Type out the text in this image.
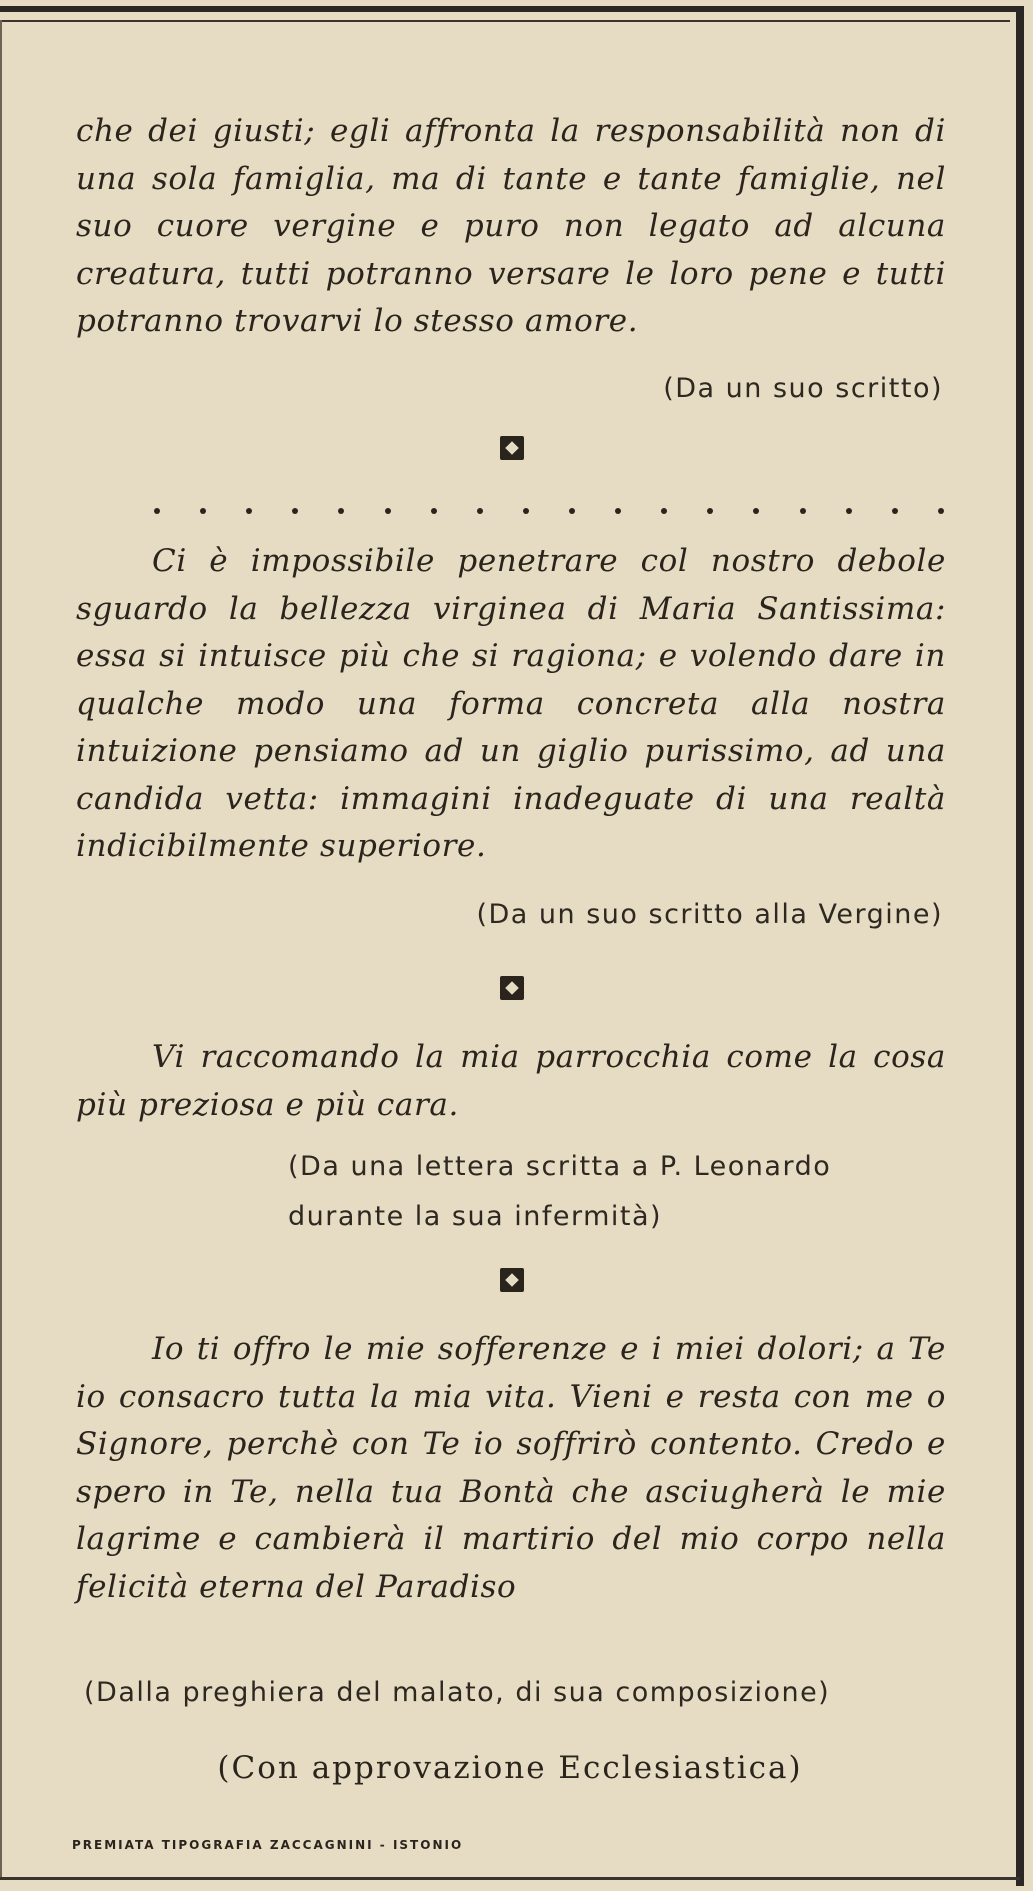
che dei giusti; egli affronta la responsabilità non di una sola famiglia, ma di tante e tante famiglie, nel suo cuore vergine e puro non legato ad alcuna creatura, tutti potranno versare le loro pene e tutti potranno trovarvi lo stesso amore.

(Da un suo scritto)

Ci è impossibile penetrare col nostro debole sguardo la bellezza virginea di Maria Santissima: essa si intuisce più che si ragiona; e volendo dare in qualche modo una forma concreta alla nostra intuizione pensiamo ad un giglio purissimo, ad una candida vetta: immagini inadeguate di una realtà indicibilmente superiore.

(Da un suo scritto alla Vergine)

Vi raccomando la mia parrocchia come la cosa più preziosa e più cara.

(Da una lettera scritta a P. Leonardo
durante la sua infermità)

Io ti offro le mie sofferenze e i miei dolori; a Te io consacro tutta la mia vita. Vieni e resta con me o Signore, perchè con Te io soffrirò contento. Credo e spero in Te, nella tua Bontà che asciugherà le mie lagrime e cambierà il martirio del mio corpo nella felicità eterna del Paradiso

(Dalla preghiera del malato, di sua composizione)
(Con approvazione Ecclesiastica)
PREMIATA TIPOGRAFIA ZACCAGNINI - ISTONIO
